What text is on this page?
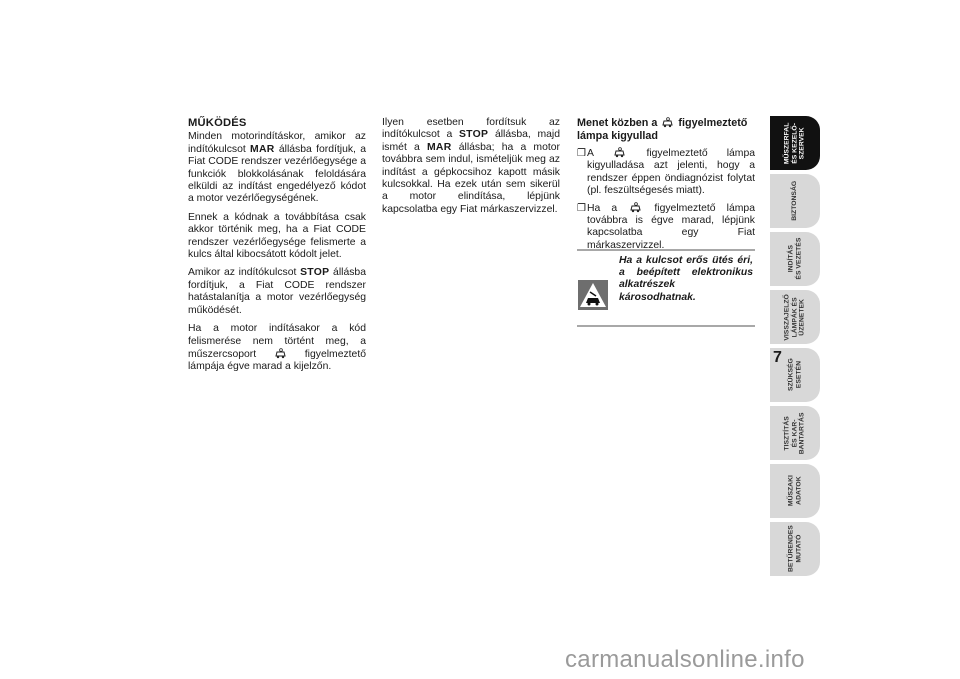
MŰKÖDÉS

Minden motorindításkor, amikor az indítókulcsot MAR állásba fordítjuk, a Fiat CODE rendszer vezérlőegysége a funkciók blokkolásának feloldására elküldi az indítást engedélyező kódot a motor vezérlőegységének.

Ennek a kódnak a továbbítása csak akkor történik meg, ha a Fiat CODE rendszer vezérlőegysége felismerte a kulcs által kibocsátott kódolt jelet.

Amikor az indítókulcsot STOP állásba fordítjuk, a Fiat CODE rendszer hatástalanítja a motor vezérlőegység működését.

Ha a motor indításakor a kód felismerése nem történt meg, a műszercsoport  figyelmeztető lámpája égve marad a kijelzőn.

Ilyen esetben fordítsuk az indítókulcsot a STOP állásba, majd ismét a MAR állásba; ha a motor továbbra sem indul, ismételjük meg az indítást a gépkocsihoz kapott másik kulcsokkal. Ha ezek után sem sikerül a motor elindítása, lépjünk kapcsolatba egy Fiat márkaszervizzel.

Menet közben a  figyelmeztető lámpa kigyullad

❒ A  figyelmeztető lámpa kigyulladása azt jelenti, hogy a rendszer éppen öndiagnózist folytat (pl. feszültségesés miatt).

❒ Ha a  figyelmeztető lámpa továbbra is égve marad, lépjünk kapcsolatba egy Fiat márkaszervizzel.

Ha a kulcsot erős ütés éri, a beépített elektronikus alkatrészek károsodhatnak.
MŰSZERFAL
ÉS KEZELŐ-
SZERVEK
BIZTONSÁG
INDÍTÁS
ÉS VEZETÉS
VISSZAJELZŐ
LÁMPÁK ÉS
ÜZENETEK
SZÜKSÉG
ESETÉN
TISZTÍTÁS
ÉS KAR-
BANTARTÁS
MŰSZAKI
ADATOK
BETŰRENDES
MUTATÓ
7
carmanualsonline.info
